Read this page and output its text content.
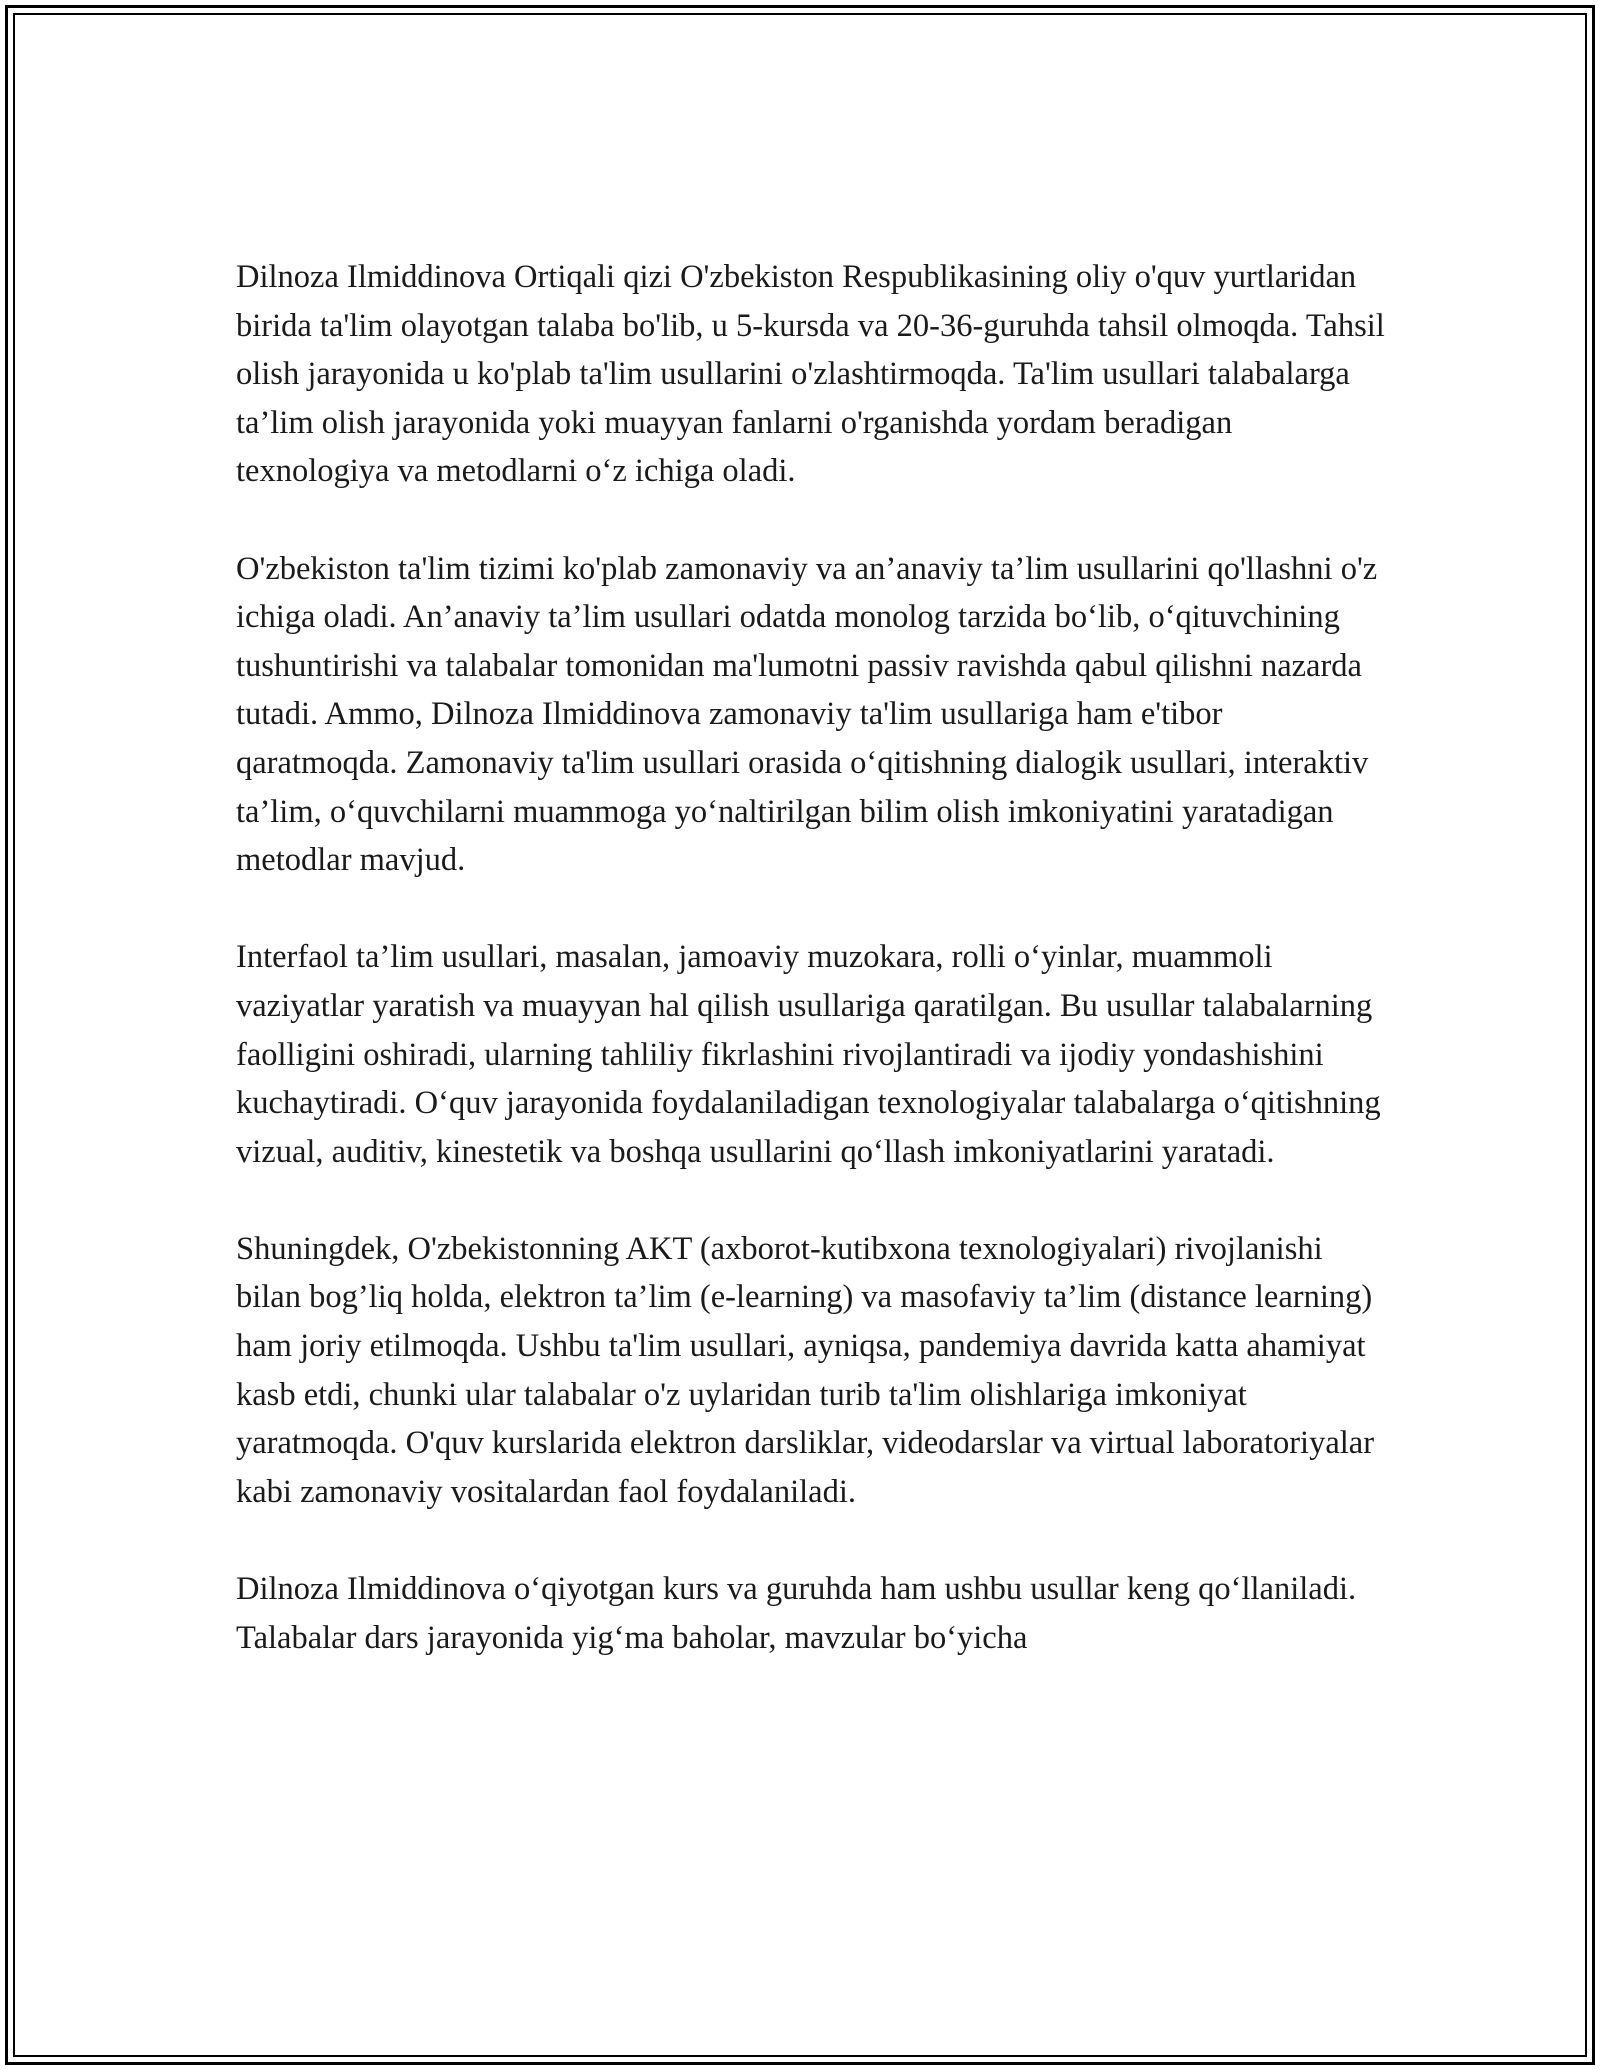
Dilnoza Ilmiddinova Ortiqali qizi O'zbekiston Respublikasining oliy o'quv yurtlaridan birida ta'lim olayotgan talaba bo'lib, u 5-kursda va 20-36-guruhda tahsil olmoqda. Tahsil olish jarayonida u ko'plab ta'lim usullarini o'zlashtirmoqda. Ta'lim usullari talabalarga ta’lim olish jarayonida yoki muayyan fanlarni o'rganishda yordam beradigan texnologiya va metodlarni o‘z ichiga oladi.

O'zbekiston ta'lim tizimi ko'plab zamonaviy va an’anaviy ta’lim usullarini qo'llashni o'z ichiga oladi. An’anaviy ta’lim usullari odatda monolog tarzida bo‘lib, o‘qituvchining tushuntirishi va talabalar tomonidan ma'lumotni passiv ravishda qabul qilishni nazarda tutadi. Ammo, Dilnoza Ilmiddinova zamonaviy ta'lim usullariga ham e'tibor qaratmoqda. Zamonaviy ta'lim usullari orasida o‘qitishning dialogik usullari, interaktiv ta’lim, o‘quvchilarni muammoga yo‘naltirilgan bilim olish imkoniyatini yaratadigan metodlar mavjud.

Interfaol ta’lim usullari, masalan, jamoaviy muzokara, rolli o‘yinlar, muammoli vaziyatlar yaratish va muayyan hal qilish usullariga qaratilgan. Bu usullar talabalarning faolligini oshiradi, ularning tahliliy fikrlashini rivojlantiradi va ijodiy yondashishini kuchaytiradi. O‘quv jarayonida foydalaniladigan texnologiyalar talabalarga o‘qitishning vizual, auditiv, kinestetik va boshqa usullarini qo‘llash imkoniyatlarini yaratadi.

Shuningdek, O'zbekistonning AKT (axborot-kutibxona texnologiyalari) rivojlanishi bilan bog’liq holda, elektron ta’lim (e-learning) va masofaviy ta’lim (distance learning) ham joriy etilmoqda. Ushbu ta'lim usullari, ayniqsa, pandemiya davrida katta ahamiyat kasb etdi, chunki ular talabalar o'z uylaridan turib ta'lim olishlariga imkoniyat yaratmoqda. O'quv kurslarida elektron darsliklar, videodarslar va virtual laboratoriyalar kabi zamonaviy vositalardan faol foydalaniladi.

Dilnoza Ilmiddinova o‘qiyotgan kurs va guruhda ham ushbu usullar keng qo‘llaniladi. Talabalar dars jarayonida yig‘ma baholar, mavzular bo‘yicha
